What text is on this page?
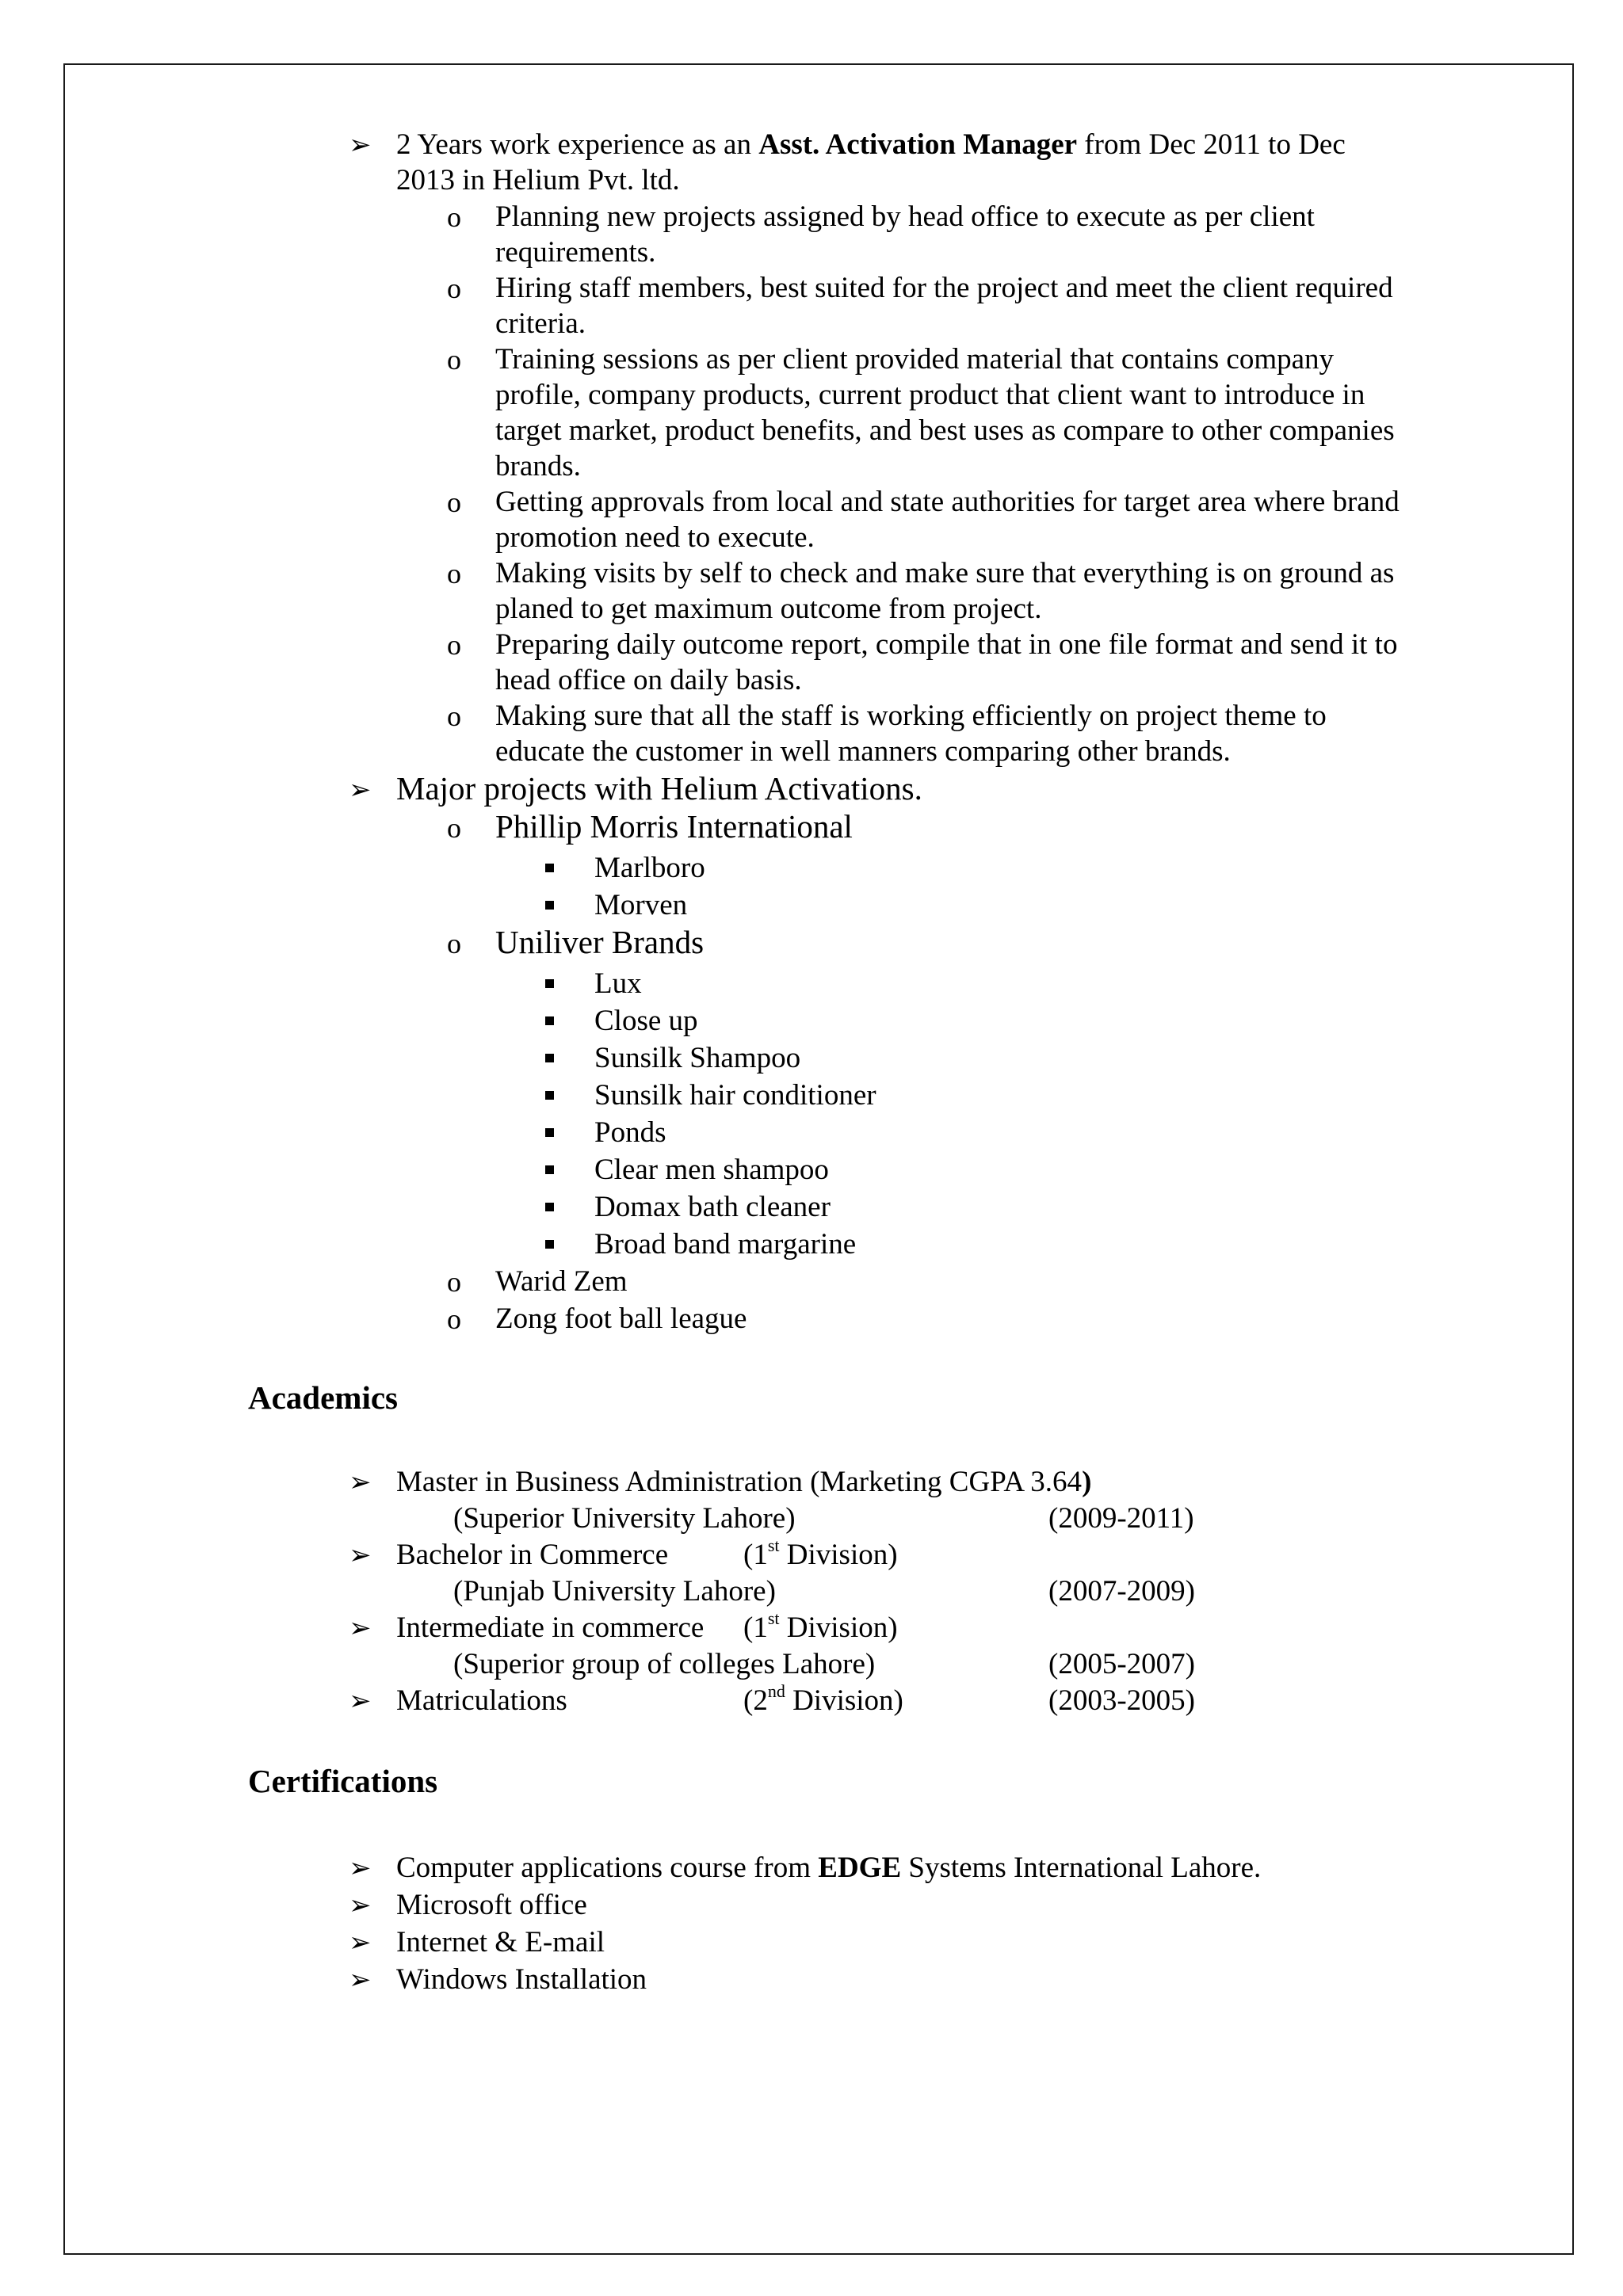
➢ 2 Years work experience as an Asst. Activation Manager from Dec 2011 to Dec
2013 in Helium Pvt. ltd.
o Planning new projects assigned by head office to execute as per client
requirements.
o Hiring staff members, best suited for the project and meet the client required
criteria.
o Training sessions as per client provided material that contains company
profile, company products, current product that client want to introduce in
target market, product benefits, and best uses as compare to other companies
brands.
o Getting approvals from local and state authorities for target area where brand
promotion need to execute.
o Making visits by self to check and make sure that everything is on ground as
planed to get maximum outcome from project.
o Preparing daily outcome report, compile that in one file format and send it to
head office on daily basis.
o Making sure that all the staff is working efficiently on project theme to
educate the customer in well manners comparing other brands.
➢ Major projects with Helium Activations.
o Phillip Morris International
Marlboro
Morven
o Uniliver Brands
Lux
Close up
Sunsilk Shampoo
Sunsilk hair conditioner
Ponds
Clear men shampoo
Domax bath cleaner
Broad band margarine
o Warid Zem
o Zong foot ball league
Academics
➢ Master in Business Administration (Marketing CGPA 3.64)
(Superior University Lahore)	(2009-2011)
➢ Bachelor in Commerce	(1st Division)
(Punjab University Lahore)	(2007-2009)
➢ Intermediate in commerce (1st Division)
(Superior group of colleges Lahore)	(2005-2007)
➢ Matriculations	(2nd Division)	(2003-2005)
Certifications
➢ Computer applications course from EDGE Systems International Lahore.
➢ Microsoft office
➢ Internet & E-mail
➢ Windows Installation
